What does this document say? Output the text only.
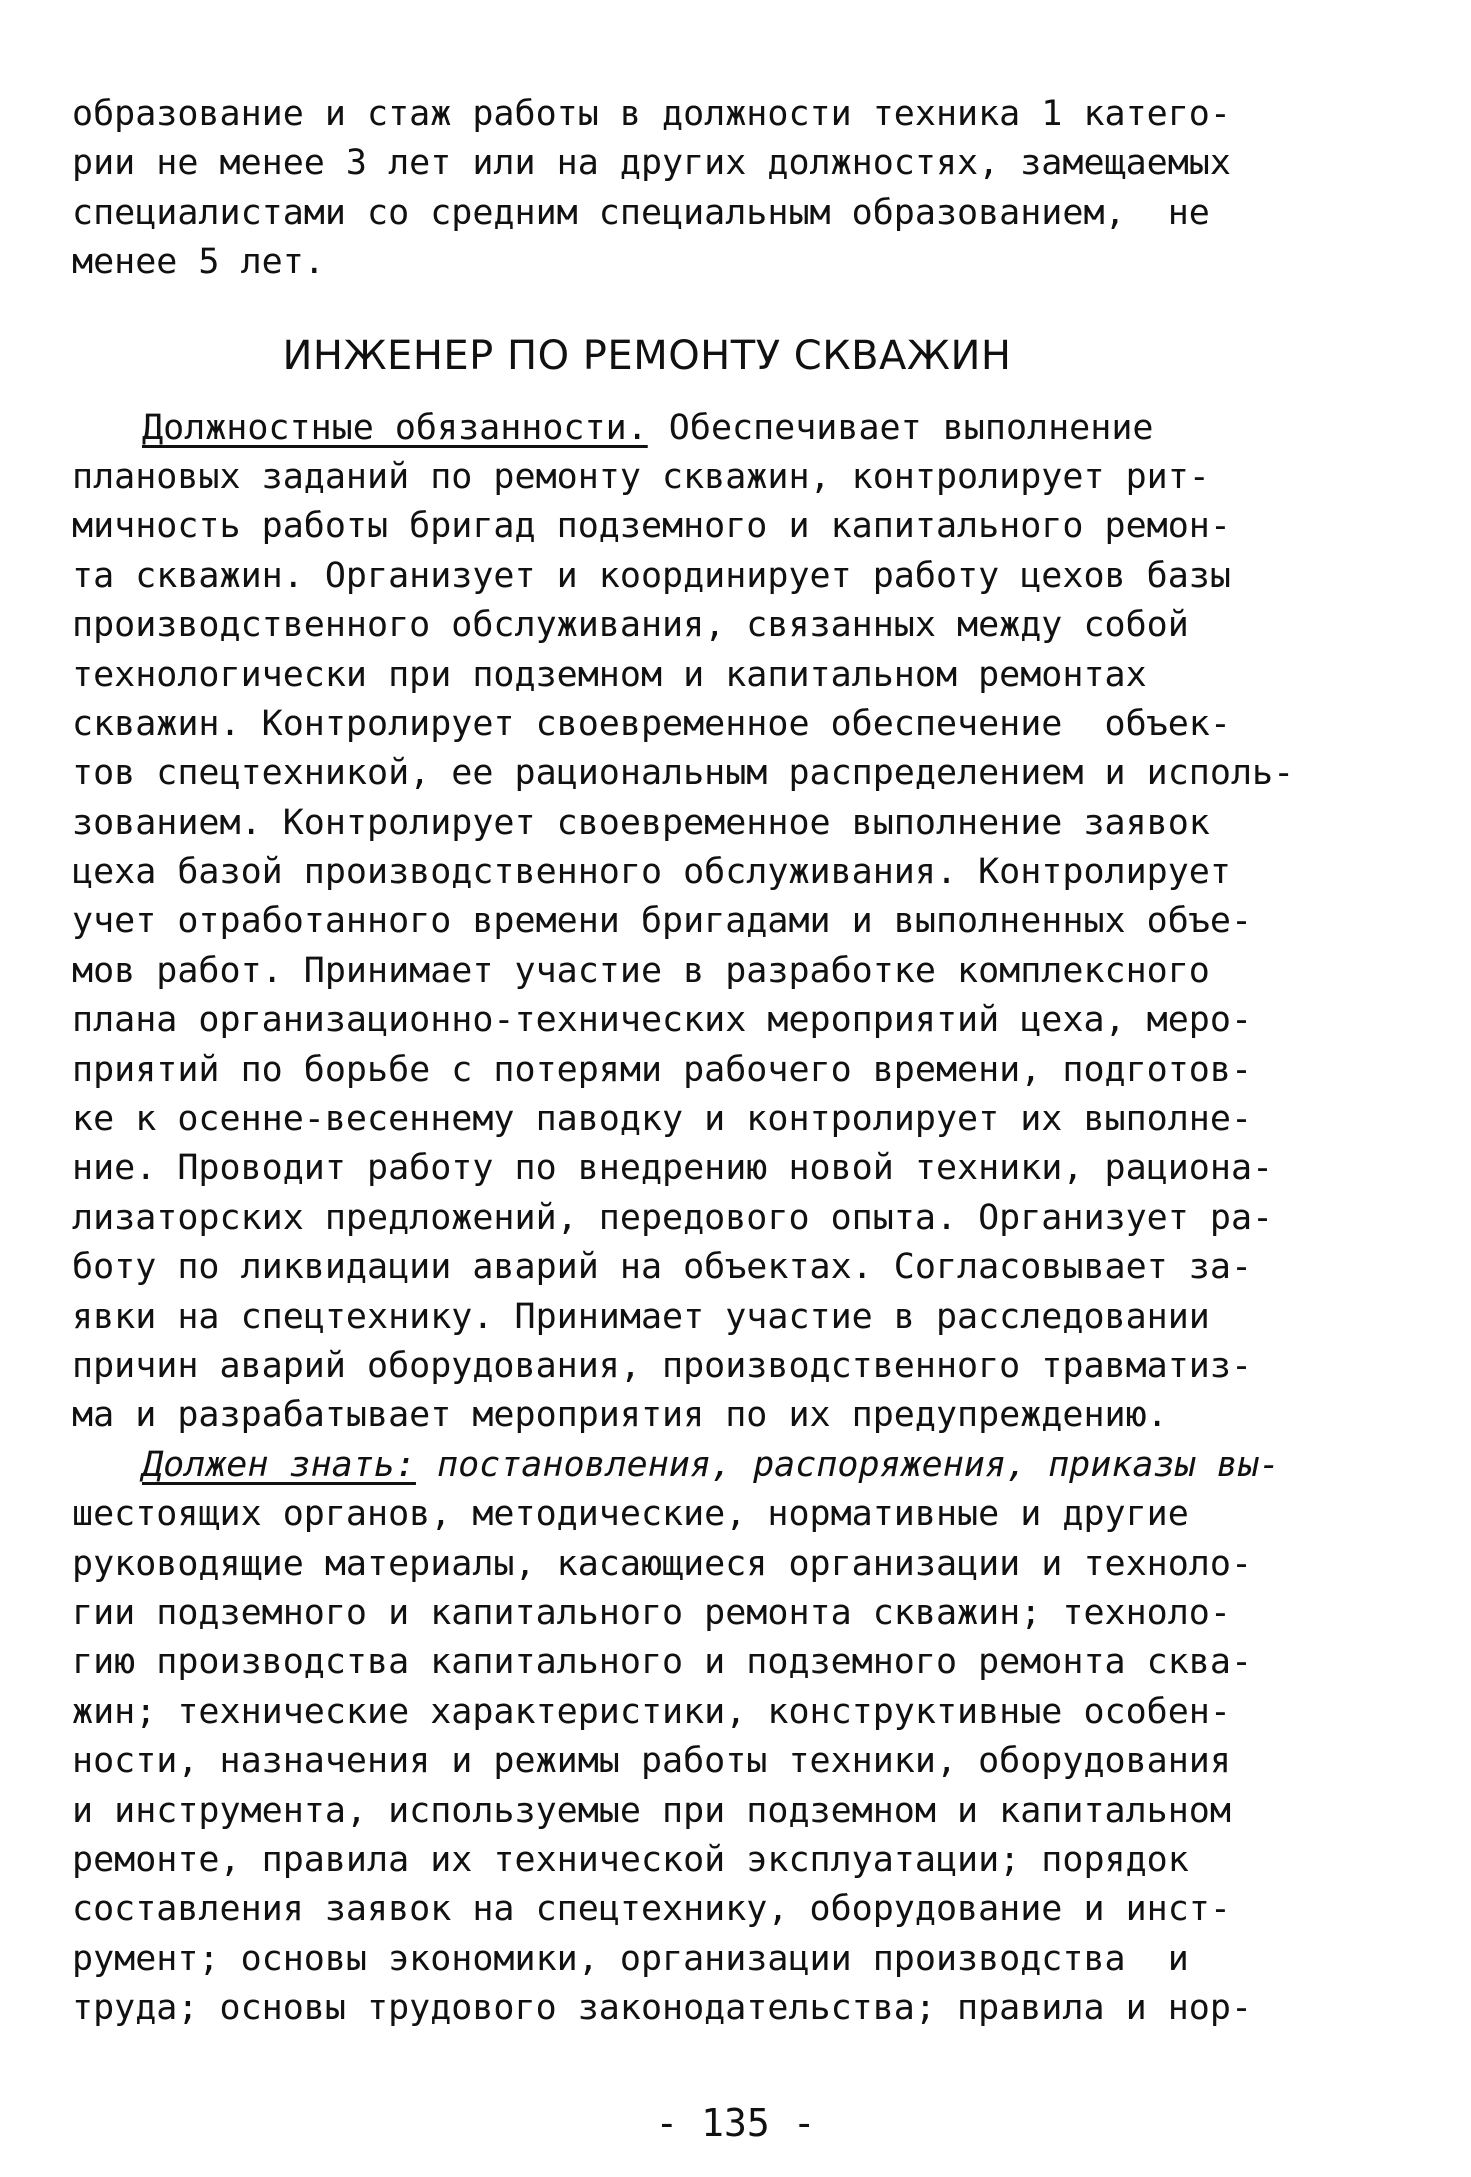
образование и стаж работы в должности техника 1 катего-
рии не менее 3 лет или на других должностях, замещаемых
специалистами со средним специальным образованием,  не
менее 5 лет.
ИНЖЕНЕР ПО РЕМОНТУ СКВАЖИН
Должностные обязанности. Обеспечивает выполнение
плановых заданий по ремонту скважин, контролирует рит-
мичность работы бригад подземного и капитального ремон-
та скважин. Организует и координирует работу цехов базы
производственного обслуживания, связанных между собой
технологически при подземном и капитальном ремонтах
скважин. Контролирует своевременное обеспечение  объек-
тов спецтехникой, ее рациональным распределением и исполь-
зованием. Контролирует своевременное выполнение заявок
цеха базой производственного обслуживания. Контролирует
учет отработанного времени бригадами и выполненных объе-
мов работ. Принимает участие в разработке комплексного
плана организационно-технических мероприятий цеха, меро-
приятий по борьбе с потерями рабочего времени, подготов-
ке к осенне-весеннему паводку и контролирует их выполне-
ние. Проводит работу по внедрению новой техники, рациона-
лизаторских предложений, передового опыта. Организует ра-
боту по ликвидации аварий на объектах. Согласовывает за-
явки на спецтехнику. Принимает участие в расследовании
причин аварий оборудования, производственного травматиз-
ма и разрабатывает мероприятия по их предупреждению.
Должен знать: постановления, распоряжения, приказы вы-
шестоящих органов, методические, нормативные и другие
руководящие материалы, касающиеся организации и техноло-
гии подземного и капитального ремонта скважин; техноло-
гию производства капитального и подземного ремонта сква-
жин; технические характеристики, конструктивные особен-
ности, назначения и режимы работы техники, оборудования
и инструмента, используемые при подземном и капитальном
ремонте, правила их технической эксплуатации; порядок
составления заявок на спецтехнику, оборудование и инст-
румент; основы экономики, организации производства  и
труда; основы трудового законодательства; правила и нор-
- 135 -
